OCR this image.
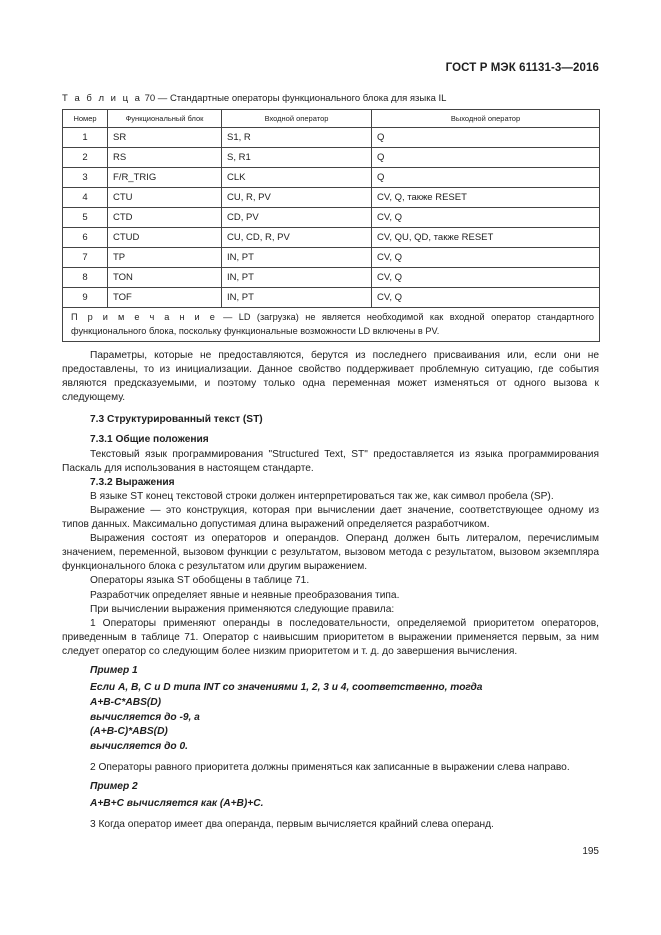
ГОСТ Р МЭК 61131-3—2016
Т а б л и ц а 70 — Стандартные операторы функционального блока для языка IL
Номер	Функциональный блок	Входной оператор	Выходной оператор
1	SR	S1, R	Q
2	RS	S, R1	Q
3	F/R_TRIG	CLK	Q
4	CTU	CU, R, PV	CV, Q, также RESET
5	CTD	CD, PV	CV, Q
6	CTUD	CU, CD, R, PV	CV, QU, QD, также RESET
7	TP	IN, PT	CV, Q
8	TON	IN, PT	CV, Q
9	TOF	IN, PT	CV, Q
П р и м е ч а н и е — LD (загрузка) не является необходимой как входной оператор стандартного функционального блока, поскольку функциональные возможности LD включены в PV.			

Параметры, которые не предоставляются, берутся из последнего присваивания или, если они не предоставлены, то из инициализации. Данное свойство поддерживает проблемную ситуацию, где события являются предсказуемыми, и поэтому только одна переменная может изменяться от одного вызова к следующему.

7.3 Структурированный текст (ST)

7.3.1 Общие положения

Текстовый язык программирования "Structured Text, ST" предоставляется из языка программирования Паскаль для использования в настоящем стандарте.

7.3.2 Выражения

В языке ST конец текстовой строки должен интерпретироваться так же, как символ пробела (SP).

Выражение — это конструкция, которая при вычислении дает значение, соответствующее одному из типов данных. Максимально допустимая длина выражений определяется разработчиком.

Выражения состоят из операторов и операндов. Операнд должен быть литералом, перечислимым значением, переменной, вызовом функции с результатом, вызовом метода с результатом, вызовом экземпляра функционального блока с результатом или другим выражением.

Операторы языка ST обобщены в таблице 71.

Разработчик определяет явные и неявные преобразования типа.

При вычислении выражения применяются следующие правила:

1 Операторы применяют операнды в последовательности, определяемой приоритетом операторов, приведенным в таблице 71. Оператор с наивысшим приоритетом в выражении применяется первым, за ним следует оператор со следующим более низким приоритетом и т. д. до завершения вычисления.

Пример 1

Если A, B, C и D типа INT со значениями 1, 2, 3 и 4, соответственно, тогда

A+B-C*ABS(D)

вычисляется до -9, а

(A+B-C)*ABS(D)

вычисляется до 0.

2 Операторы равного приоритета должны применяться как записанные в выражении слева направо.

Пример 2

A+B+C вычисляется как (A+B)+C.

3 Когда оператор имеет два операнда, первым вычисляется крайний слева операнд.

195
